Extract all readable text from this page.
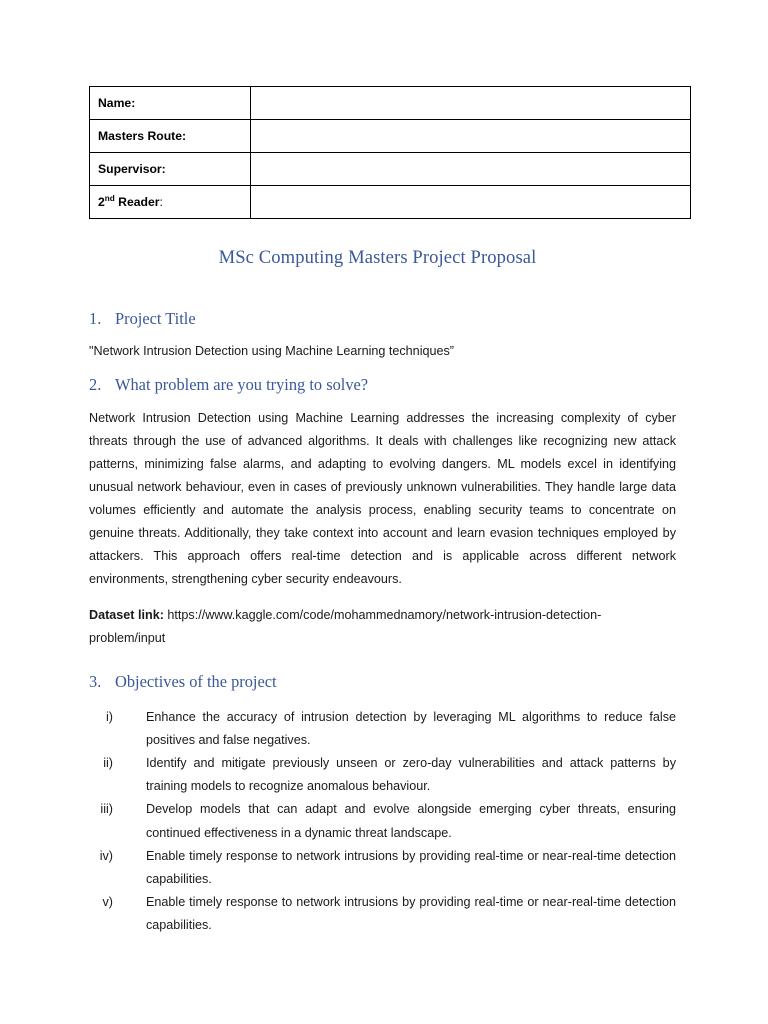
Name:	
Masters Route:	
Supervisor:	
2nd Reader:	
MSc Computing Masters Project Proposal
1. Project Title

"Network Intrusion Detection using Machine Learning techniques”

2. What problem are you trying to solve?

Network Intrusion Detection using Machine Learning addresses the increasing complexity of cyber threats through the use of advanced algorithms. It deals with challenges like recognizing new attack patterns, minimizing false alarms, and adapting to evolving dangers. ML models excel in identifying unusual network behaviour, even in cases of previously unknown vulnerabilities. They handle large data volumes efficiently and automate the analysis process, enabling security teams to concentrate on genuine threats. Additionally, they take context into account and learn evasion techniques employed by attackers. This approach offers real-time detection and is applicable across different network environments, strengthening cyber security endeavours.

Dataset link: https://www.kaggle.com/code/mohammednamory/network-intrusion-detection-problem/input

3. Objectives of the project
i)	Enhance the accuracy of intrusion detection by leveraging ML algorithms to reduce false positives and false negatives.
ii)	Identify and mitigate previously unseen or zero-day vulnerabilities and attack patterns by training models to recognize anomalous behaviour.
iii)	Develop models that can adapt and evolve alongside emerging cyber threats, ensuring continued effectiveness in a dynamic threat landscape.
iv)	Enable timely response to network intrusions by providing real-time or near-real-time detection capabilities.
v)	Enable timely response to network intrusions by providing real-time or near-real-time detection capabilities.
